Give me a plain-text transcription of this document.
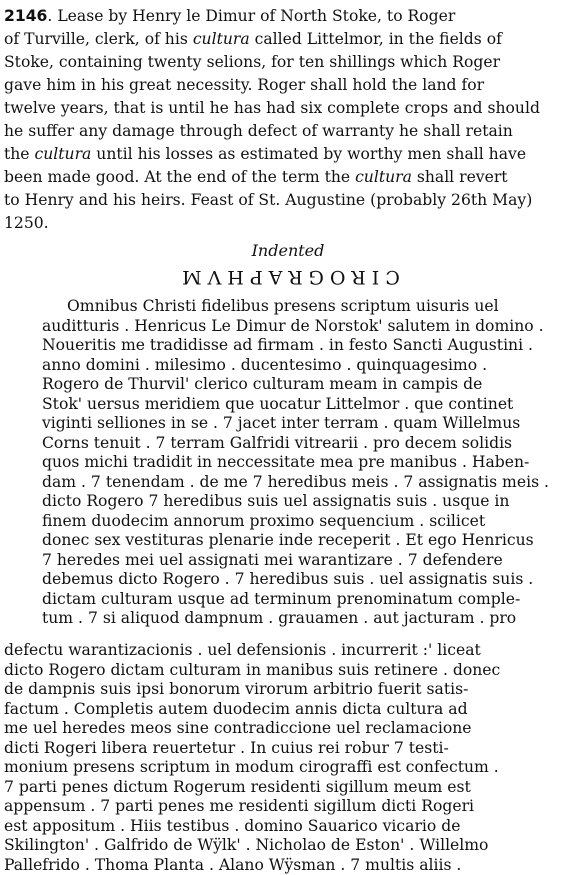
2146. Lease by Henry le Dimur of North Stoke, to Roger
of Turville, clerk, of his cultura called Littelmor, in the fields of
Stoke, containing twenty selions, for ten shillings which Roger
gave him in his great necessity. Roger shall hold the land for
twelve years, that is until he has had six complete crops and should
he suffer any damage through defect of warranty he shall retain
the cultura until his losses as estimated by worthy men shall have
been made good. At the end of the term the cultura shall revert
to Henry and his heirs. Feast of St. Augustine (probably 26th May)
1250.
Indented
CIROGRAPHVM
Omnibus Christi fidelibus presens scriptum uisuris uel
auditturis . Henricus Le Dimur de Norstok' salutem in domino .
Noueritis me tradidisse ad firmam . in festo Sancti Augustini .
anno domini . milesimo . ducentesimo . quinquagesimo .
Rogero de Thurvil' clerico culturam meam in campis de
Stok' uersus meridiem que uocatur Littelmor . que continet
viginti selliones in se . 7 jacet inter terram . quam Willelmus
Corns tenuit . 7 terram Galfridi vitrearii . pro decem solidis
quos michi tradidit in neccessitate mea pre manibus . Haben-
dam . 7 tenendam . de me 7 heredibus meis . 7 assignatis meis .
dicto Rogero 7 heredibus suis uel assignatis suis . usque in
finem duodecim annorum proximo sequencium . scilicet
donec sex vestituras plenarie inde receperit . Et ego Henricus
7 heredes mei uel assignati mei warantizare . 7 defendere
debemus dicto Rogero . 7 heredibus suis . uel assignatis suis .
dictam culturam usque ad terminum prenominatum comple-
tum . 7 si aliquod dampnum . grauamen . aut jacturam . pro
defectu warantizacionis . uel defensionis . incurrerit :' liceat
dicto Rogero dictam culturam in manibus suis retinere . donec
de dampnis suis ipsi bonorum virorum arbitrio fuerit satis-
factum . Completis autem duodecim annis dicta cultura ad
me uel heredes meos sine contradiccione uel reclamacione
dicti Rogeri libera reuertetur . In cuius rei robur 7 testi-
monium presens scriptum in modum cirograffi est confectum .
7 parti penes dictum Rogerum residenti sigillum meum est
appensum . 7 parti penes me residenti sigillum dicti Rogeri
est appositum . Hiis testibus . domino Sauarico vicario de
Skilington' . Galfrido de Wÿlk' . Nicholao de Eston' . Willelmo
Pallefrido . Thoma Planta . Alano Wÿsman . 7 multis aliis .
